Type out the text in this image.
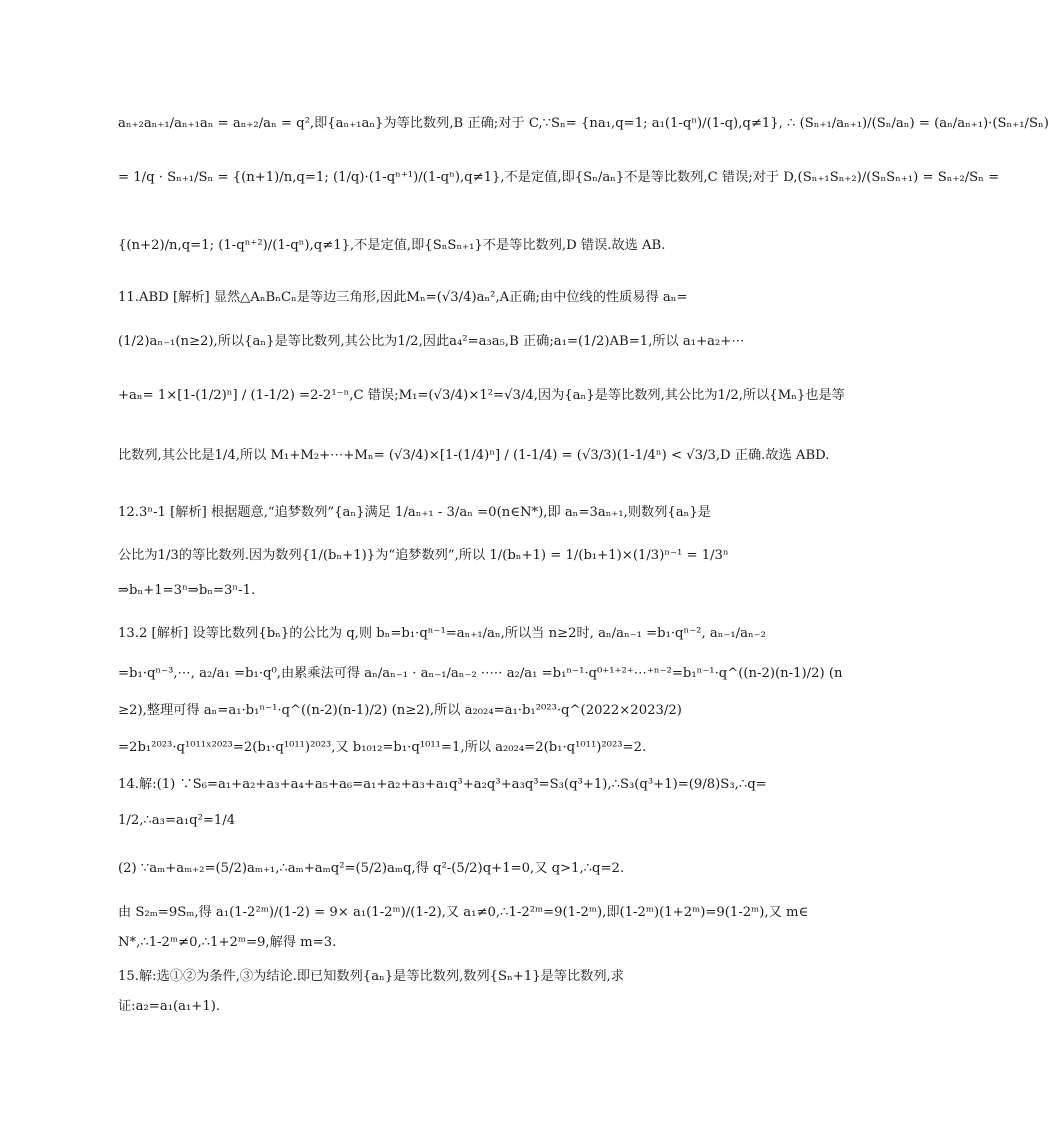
aₙ₊₂aₙ₊₁/aₙ₊₁aₙ = aₙ₊₂/aₙ = q²,即{aₙ₊₁aₙ}为等比数列,B 正确;对于 C,∵Sₙ= {na₁,q=1; a₁(1-qⁿ)/(1-q),q≠1}, ∴ (Sₙ₊₁/aₙ₊₁)/(Sₙ/aₙ) = (aₙ/aₙ₊₁)·(Sₙ₊₁/Sₙ)
= 1/q · Sₙ₊₁/Sₙ = {(n+1)/n,q=1; (1/q)·(1-qⁿ⁺¹)/(1-qⁿ),q≠1},不是定值,即{Sₙ/aₙ}不是等比数列,C 错误;对于 D,(Sₙ₊₁Sₙ₊₂)/(SₙSₙ₊₁) = Sₙ₊₂/Sₙ =
{(n+2)/n,q=1; (1-qⁿ⁺²)/(1-qⁿ),q≠1},不是定值,即{SₙSₙ₊₁}不是等比数列,D 错误.故选 AB.
11.ABD [解析] 显然△AₙBₙCₙ是等边三角形,因此Mₙ=(√3/4)aₙ²,A正确;由中位线的性质易得 aₙ=
(1/2)aₙ₋₁(n≥2),所以{aₙ}是等比数列,其公比为1/2,因此a₄²=a₃a₅,B 正确;a₁=(1/2)AB=1,所以 a₁+a₂+⋯
+aₙ= 1×[1-(1/2)ⁿ] / (1-1/2) =2-2¹⁻ⁿ,C 错误;M₁=(√3/4)×1²=√3/4,因为{aₙ}是等比数列,其公比为1/2,所以{Mₙ}也是等
比数列,其公比是1/4,所以 M₁+M₂+⋯+Mₙ= (√3/4)×[1-(1/4)ⁿ] / (1-1/4) = (√3/3)(1-1/4ⁿ) < √3/3,D 正确.故选 ABD.
12.3ⁿ-1 [解析] 根据题意,“追梦数列”{aₙ}满足 1/aₙ₊₁ - 3/aₙ =0(n∈N*),即 aₙ=3aₙ₊₁,则数列{aₙ}是
公比为1/3的等比数列.因为数列{1/(bₙ+1)}为“追梦数列”,所以 1/(bₙ+1) = 1/(b₁+1)×(1/3)ⁿ⁻¹ = 1/3ⁿ
⇒bₙ+1=3ⁿ⇒bₙ=3ⁿ-1.
13.2 [解析] 设等比数列{bₙ}的公比为 q,则 bₙ=b₁·qⁿ⁻¹=aₙ₊₁/aₙ,所以当 n≥2时, aₙ/aₙ₋₁ =b₁·qⁿ⁻², aₙ₋₁/aₙ₋₂
=b₁·qⁿ⁻³,⋯, a₂/a₁ =b₁·q⁰,由累乘法可得 aₙ/aₙ₋₁ · aₙ₋₁/aₙ₋₂ ·⋯· a₂/a₁ =b₁ⁿ⁻¹·q⁰⁺¹⁺²⁺⋯⁺ⁿ⁻²=b₁ⁿ⁻¹·q^((n-2)(n-1)/2) (n
≥2),整理可得 aₙ=a₁·b₁ⁿ⁻¹·q^((n-2)(n-1)/2) (n≥2),所以 a₂₀₂₄=a₁·b₁²⁰²³·q^(2022×2023/2)
=2b₁²⁰²³·q¹⁰¹¹ˣ²⁰²³=2(b₁·q¹⁰¹¹)²⁰²³,又 b₁₀₁₂=b₁·q¹⁰¹¹=1,所以 a₂₀₂₄=2(b₁·q¹⁰¹¹)²⁰²³=2.
14.解:(1) ∵S₆=a₁+a₂+a₃+a₄+a₅+a₆=a₁+a₂+a₃+a₁q³+a₂q³+a₃q³=S₃(q³+1),∴S₃(q³+1)=(9/8)S₃,∴q=
1/2,∴a₃=a₁q²=1/4
(2) ∵aₘ+aₘ₊₂=(5/2)aₘ₊₁,∴aₘ+aₘq²=(5/2)aₘq,得 q²-(5/2)q+1=0,又 q>1,∴q=2.
由 S₂ₘ=9Sₘ,得 a₁(1-2²ᵐ)/(1-2) = 9× a₁(1-2ᵐ)/(1-2),又 a₁≠0,∴1-2²ᵐ=9(1-2ᵐ),即(1-2ᵐ)(1+2ᵐ)=9(1-2ᵐ),又 m∈
N*,∴1-2ᵐ≠0,∴1+2ᵐ=9,解得 m=3.
15.解:选①②为条件,③为结论.即已知数列{aₙ}是等比数列,数列{Sₙ+1}是等比数列,求
证:a₂=a₁(a₁+1).
